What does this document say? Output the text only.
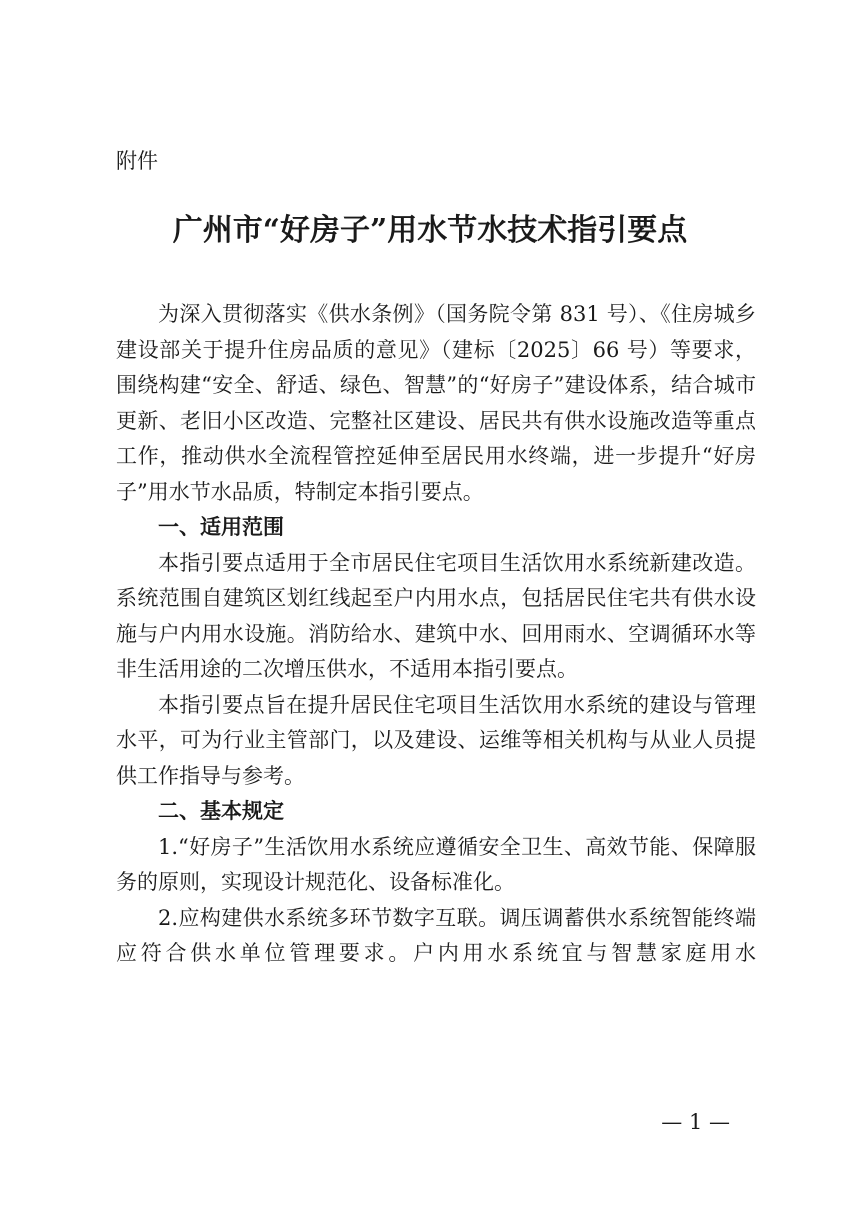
附件
广州市“好房子”用水节水技术指引要点

为深入贯彻落实《供水条例》（国务院令第 831 号）、《住房城乡建设部关于提升住房品质的意见》（建标〔2025〕66 号）等要求，围绕构建“安全、舒适、绿色、智慧”的“好房子”建设体系，结合城市更新、老旧小区改造、完整社区建设、居民共有供水设施改造等重点工作，推动供水全流程管控延伸至居民用水终端，进一步提升“好房子”用水节水品质，特制定本指引要点。

一、适用范围

本指引要点适用于全市居民住宅项目生活饮用水系统新建改造。系统范围自建筑区划红线起至户内用水点，包括居民住宅共有供水设施与户内用水设施。消防给水、建筑中水、回用雨水、空调循环水等非生活用途的二次增压供水，不适用本指引要点。

本指引要点旨在提升居民住宅项目生活饮用水系统的建设与管理水平，可为行业主管部门，以及建设、运维等相关机构与从业人员提供工作指导与参考。

二、基本规定

1.“好房子”生活饮用水系统应遵循安全卫生、高效节能、保障服务的原则，实现设计规范化、设备标准化。

2.应构建供水系统多环节数字互联。调压调蓄供水系统智能终端应符合供水单位管理要求。户内用水系统宜与智慧家庭用水

— 1 —
